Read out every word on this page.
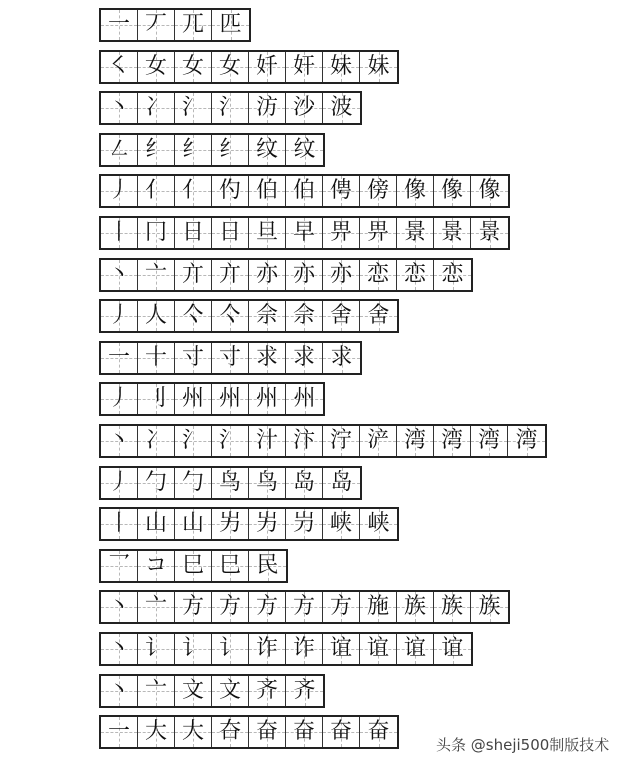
一 丆 兀 匹
㇛ 女 女 女 奷 奸 妹 妹
丶 冫 氵 氵 汸 沙 波
㇜ 纟 纟 纟 纹 纹
丿 亻 亻 仢 伯 伯 俜 傍 像 像 像
丨 冂 日 日 旦 早 畀 畀 景 景 景
丶 亠 亣 亣 亦 亦 亦 恋 恋 恋
丿 人 亽 亽 佘 佘 舍 舍
一 十 寸 寸 求 求 求
丿 刂 州 州 州 州
丶 冫 氵 氵 汁 汴 泞 浐 湾 湾 湾 湾
丿 勹 勹 鸟 鸟 岛 岛
丨 山 山 屴 屴 屶 峡 峡
乛 コ 巳 巳 民
丶 亠 方 方 方 方 方 施 族 族 族
丶 讠 讠 讠 诈 诈 谊 谊 谊 谊
丶 亠 文 文 齐 齐
一 大 大 夻 奋 奋 奋 奋
头条 @sheji500制版技术
